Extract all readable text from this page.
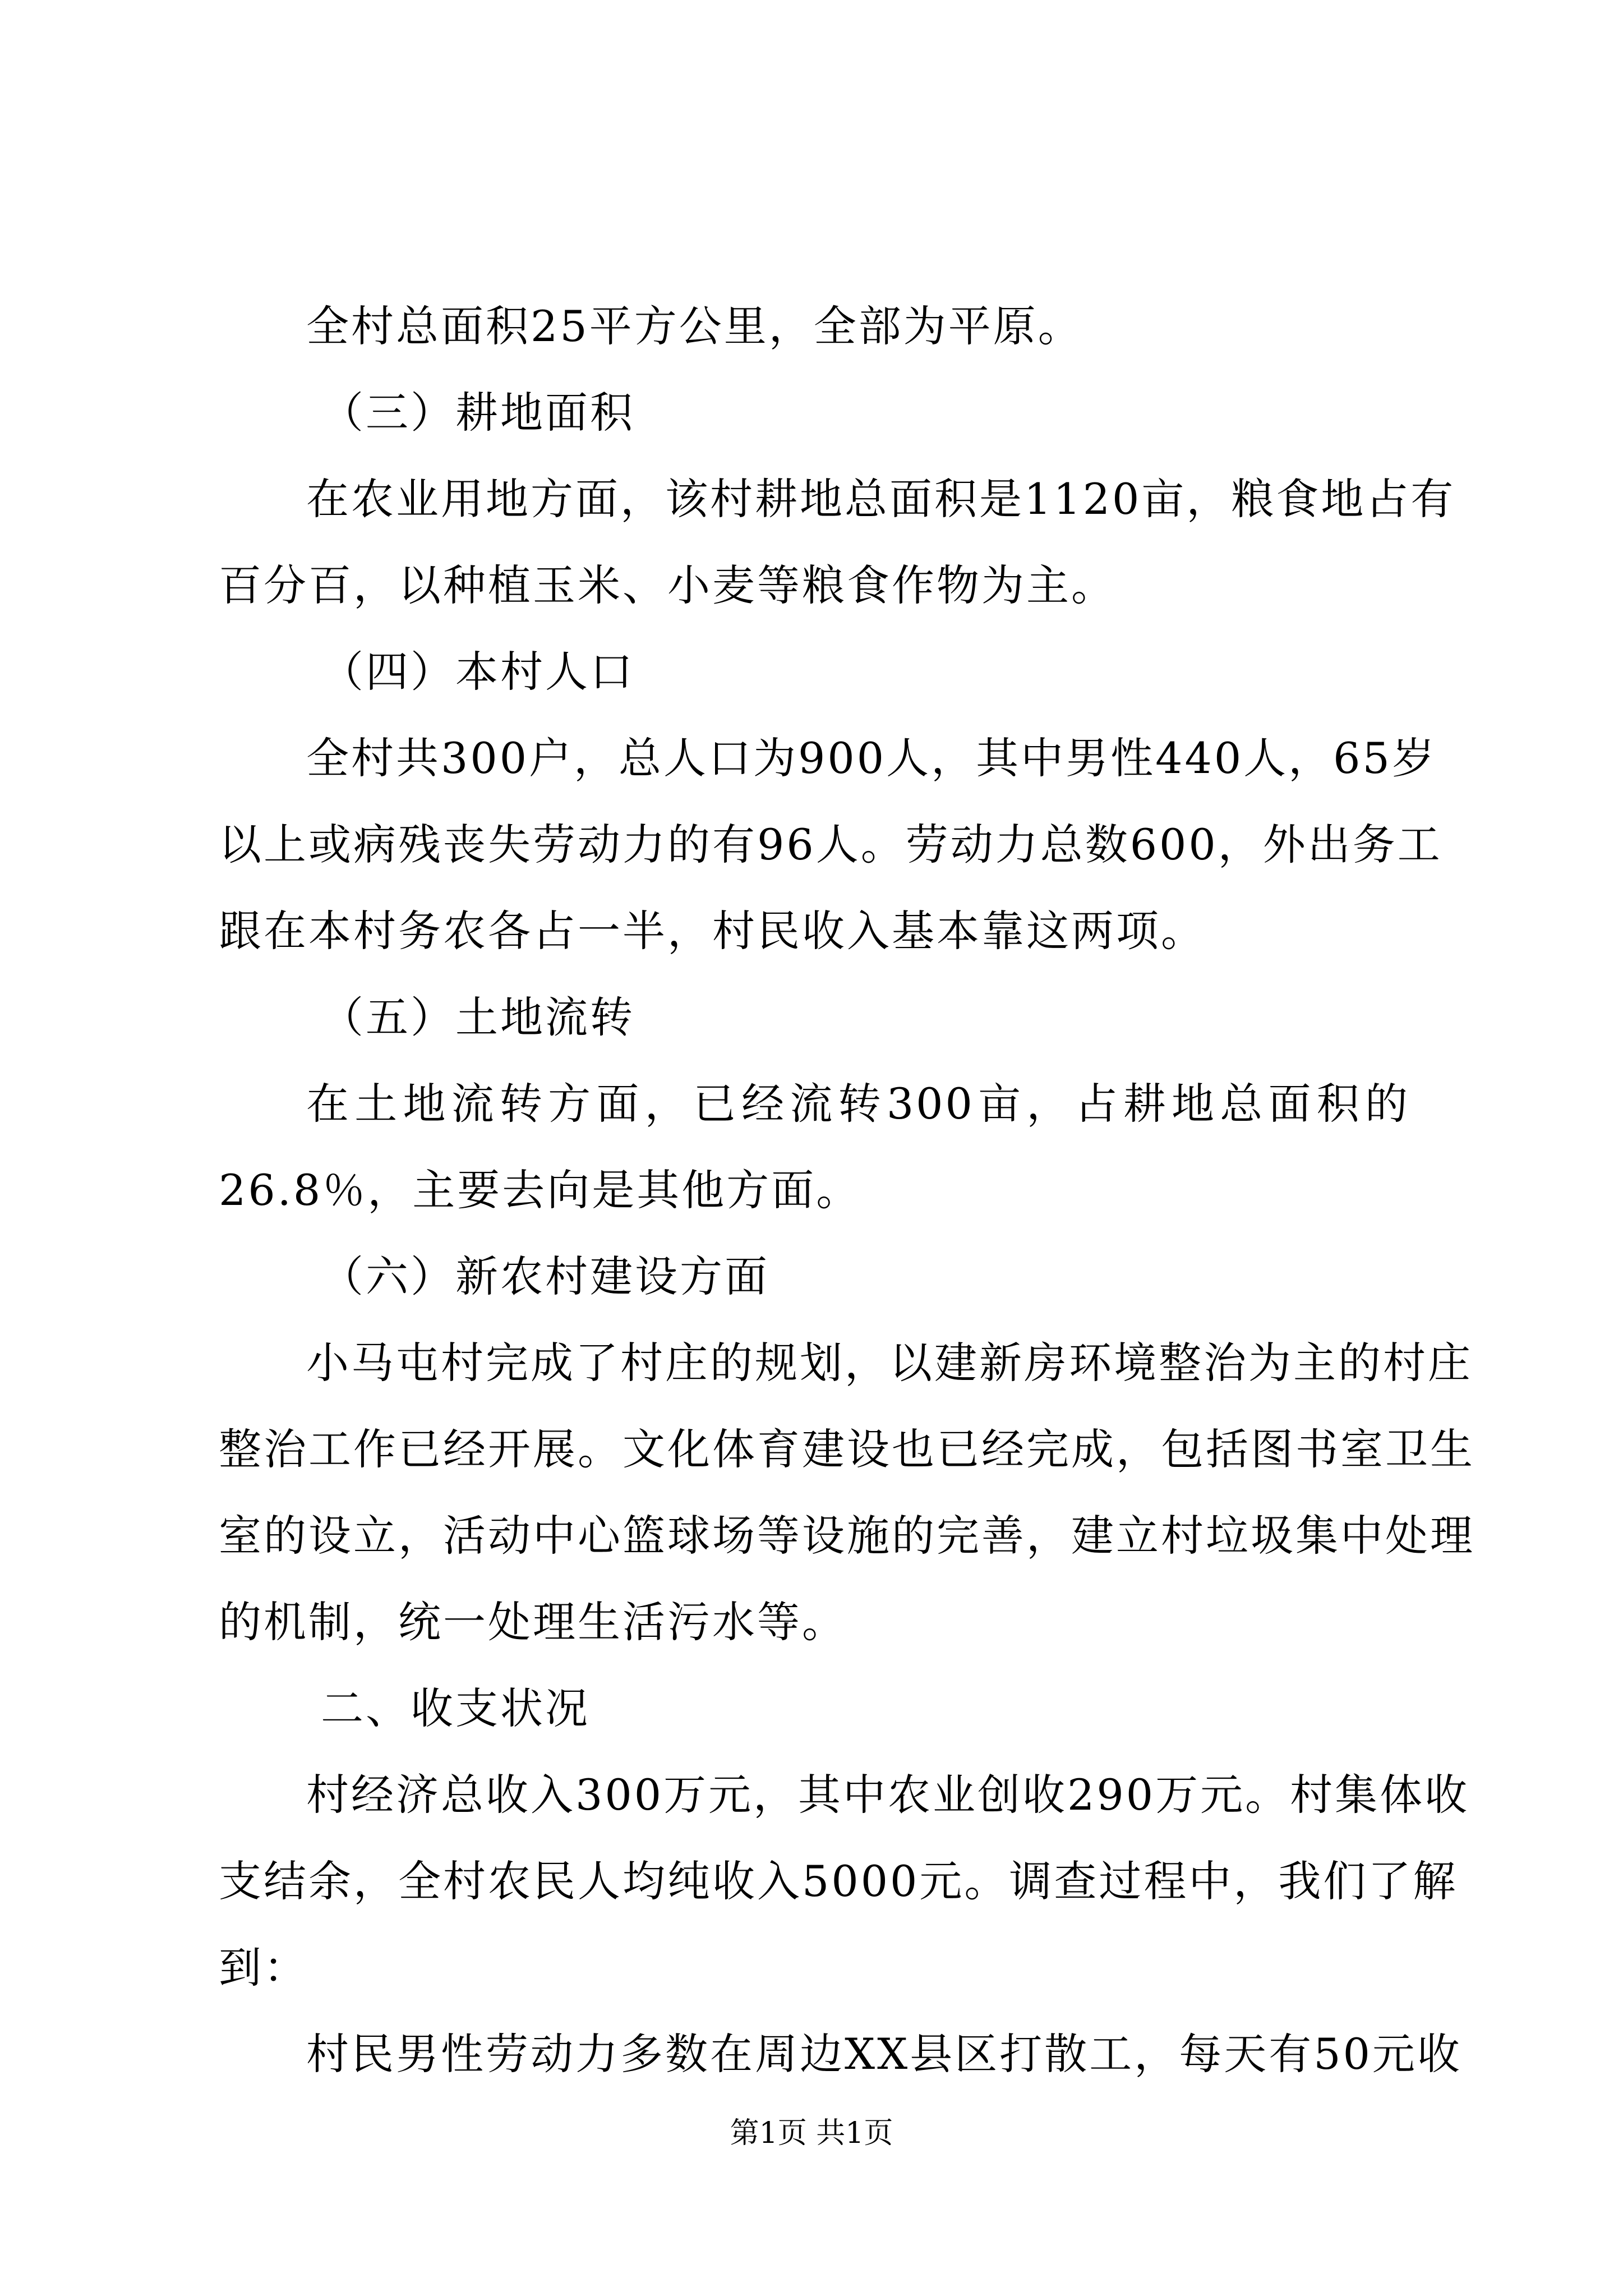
全村总面积25平方公里，全部为平原。

（三）耕地面积

在农业用地方面，该村耕地总面积是1120亩，粮食地占有

百分百，以种植玉米、小麦等粮食作物为主。

（四）本村人口

全村共300户，总人口为900人，其中男性440人，65岁

以上或病残丧失劳动力的有96人。劳动力总数600，外出务工

跟在本村务农各占一半，村民收入基本靠这两项。

（五）土地流转

在土地流转方面，已经流转300亩，占耕地总面积的

26.8％，主要去向是其他方面。

（六）新农村建设方面

小马屯村完成了村庄的规划，以建新房环境整治为主的村庄

整治工作已经开展。文化体育建设也已经完成，包括图书室卫生

室的设立，活动中心篮球场等设施的完善，建立村垃圾集中处理

的机制，统一处理生活污水等。

二、收支状况

村经济总收入300万元，其中农业创收290万元。村集体收

支结余，全村农民人均纯收入5000元。调查过程中，我们了解

到：

村民男性劳动力多数在周边XX县区打散工，每天有50元收

第1页 共1页
